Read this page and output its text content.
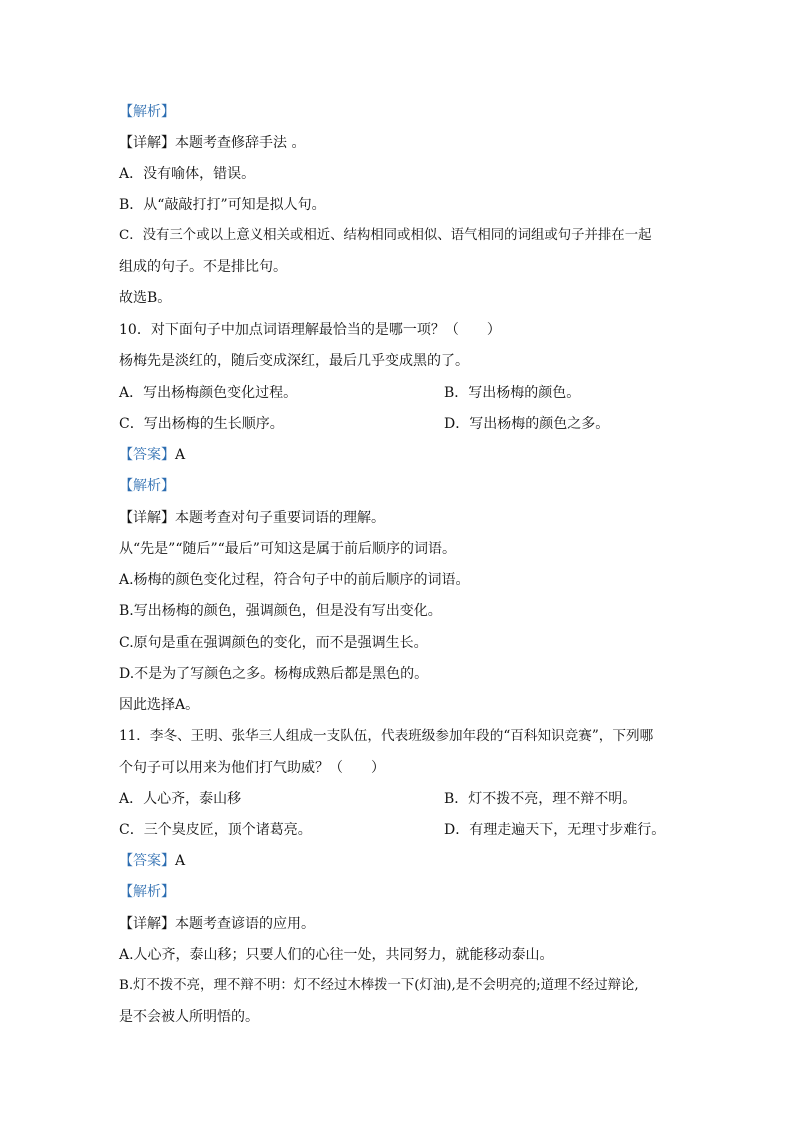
【解析】
【详解】本题考查修辞手法 。
A．没有喻体，错误。
B．从“敲敲打打”可知是拟人句。
C．没有三个或以上意义相关或相近、结构相同或相似、语气相同的词组或句子并排在一起
组成的句子。不是排比句。
故选B。
10．对下面句子中加点词语理解最恰当的是哪一项？（　　）
杨梅先是淡红的，随后变成深红，最后几乎变成黑的了。
A．写出杨梅颜色变化过程。	B．写出杨梅的颜色。
C．写出杨梅的生长顺序。	D．写出杨梅的颜色之多。
【答案】A
【解析】
【详解】本题考查对句子重要词语的理解。
从“先是”“随后”“最后”可知这是属于前后顺序的词语。
A.杨梅的颜色变化过程，符合句子中的前后顺序的词语。
B.写出杨梅的颜色，强调颜色，但是没有写出变化。
C.原句是重在强调颜色的变化，而不是强调生长。
D.不是为了写颜色之多。杨梅成熟后都是黑色的。
因此选择A。
11．李冬、王明、张华三人组成一支队伍，代表班级参加年段的“百科知识竞赛”，下列哪
个句子可以用来为他们打气助威？（　　）
A．人心齐，泰山移	B．灯不拨不亮，理不辩不明。
C．三个臭皮匠，顶个诸葛亮。	D．有理走遍天下，无理寸步难行。
【答案】A
【解析】
【详解】本题考查谚语的应用。
A.人心齐，泰山移；只要人们的心往一处，共同努力，就能移动泰山。
B.灯不拨不亮，理不辩不明：灯不经过木棒拨一下(灯油),是不会明亮的;道理不经过辩论,
是不会被人所明悟的。
